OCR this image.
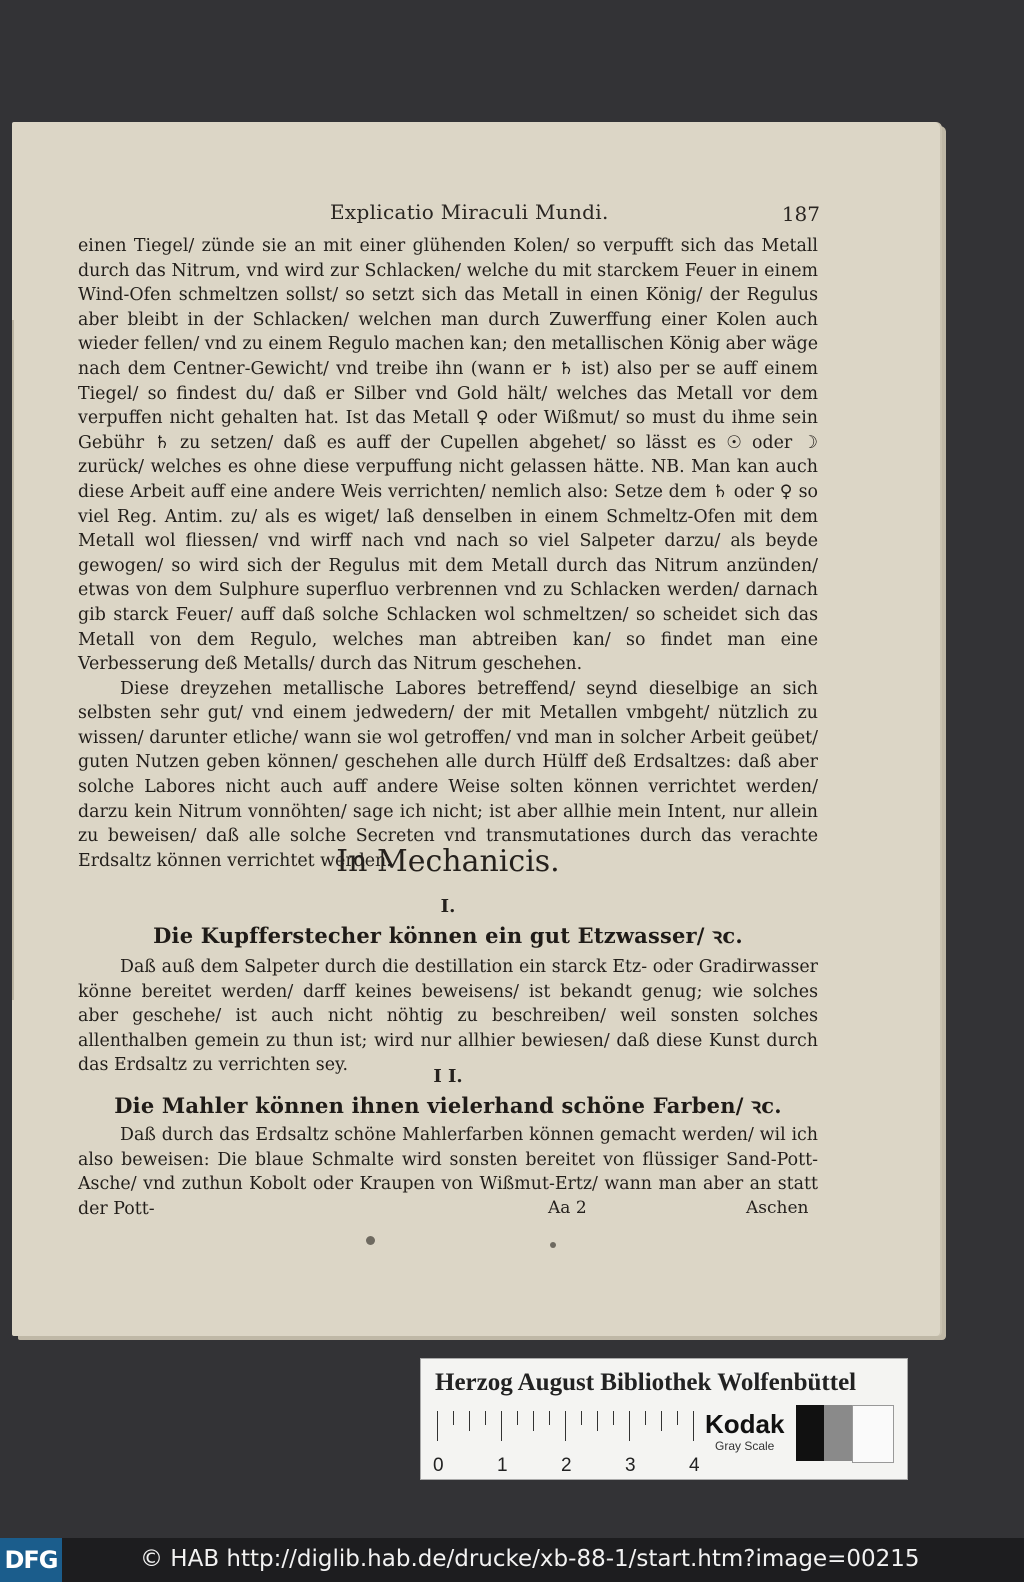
Explicatio Miraculi Mundi.	187

einen Tiegel/ zünde sie an mit einer glühenden Kolen/ so verpufft sich das Metall durch das Nitrum, vnd wird zur Schlacken/ welche du mit starckem Feuer in einem Wind-Ofen schmeltzen sollst/ so setzt sich das Metall in einen König/ der Regulus aber bleibt in der Schlacken/ welchen man durch Zuwerffung einer Kolen auch wieder fellen/ vnd zu einem Regulo machen kan; den metallischen König aber wäge nach dem Centner-Gewicht/ vnd treibe ihn (wann er ♄ ist) also per se auff einem Tiegel/ so findest du/ daß er Silber vnd Gold hält/ welches das Metall vor dem verpuffen nicht gehalten hat. Ist das Metall ♀ oder Wißmut/ so must du ihme sein Gebühr ♄ zu setzen/ daß es auff der Cupellen abgehet/ so lässt es ☉ oder ☽ zurück/ welches es ohne diese verpuffung nicht gelassen hätte. NB. Man kan auch diese Arbeit auff eine andere Weis verrichten/ nemlich also: Setze dem ♄ oder ♀ so viel Reg. Antim. zu/ als es wiget/ laß denselben in einem Schmeltz-Ofen mit dem Metall wol fliessen/ vnd wirff nach vnd nach so viel Salpeter darzu/ als beyde gewogen/ so wird sich der Regulus mit dem Metall durch das Nitrum anzünden/ etwas von dem Sulphure superfluo verbrennen vnd zu Schlacken werden/ darnach gib starck Feuer/ auff daß solche Schlacken wol schmeltzen/ so scheidet sich das Metall von dem Regulo, welches man abtreiben kan/ so findet man eine Verbesserung deß Metalls/ durch das Nitrum geschehen.

Diese dreyzehen metallische Labores betreffend/ seynd dieselbige an sich selbsten sehr gut/ vnd einem jedwedern/ der mit Metallen vmbgeht/ nützlich zu wissen/ darunter etliche/ wann sie wol getroffen/ vnd man in solcher Arbeit geübet/ guten Nutzen geben können/ geschehen alle durch Hülff deß Erdsaltzes: daß aber solche Labores nicht auch auff andere Weise solten können verrichtet werden/ darzu kein Nitrum vonnöhten/ sage ich nicht; ist aber allhie mein Intent, nur allein zu beweisen/ daß alle solche Secreten vnd transmutationes durch das verachte Erdsaltz können verrichtet werden.

In Mechanicis.
I.
Die Kupfferstecher können ein gut Etzwasser/ ꝛc.
Daß auß dem Salpeter durch die destillation ein starck Etz- oder Gradirwasser könne bereitet werden/ darff keines beweisens/ ist bekandt genug; wie solches aber geschehe/ ist auch nicht nöhtig zu beschreiben/ weil sonsten solches allenthalben gemein zu thun ist; wird nur allhier bewiesen/ daß diese Kunst durch das Erdsaltz zu verrichten sey.
I I.
Die Mahler können ihnen vielerhand schöne Farben/ ꝛc.
Daß durch das Erdsaltz schöne Mahlerfarben können gemacht werden/ wil ich also beweisen: Die blaue Schmalte wird sonsten bereitet von flüssiger Sand-Pott-Asche/ vnd zuthun Kobolt oder Kraupen von Wißmut-Ertz/ wann man aber an statt der Pott-	Aa 2	Aschen
Herzog August Bibliothek Wolfenbüttel
0	1	2	3	4
Kodak
Gray Scale
DFG	© HAB http://diglib.hab.de/drucke/xb-88-1/start.htm?image=00215
